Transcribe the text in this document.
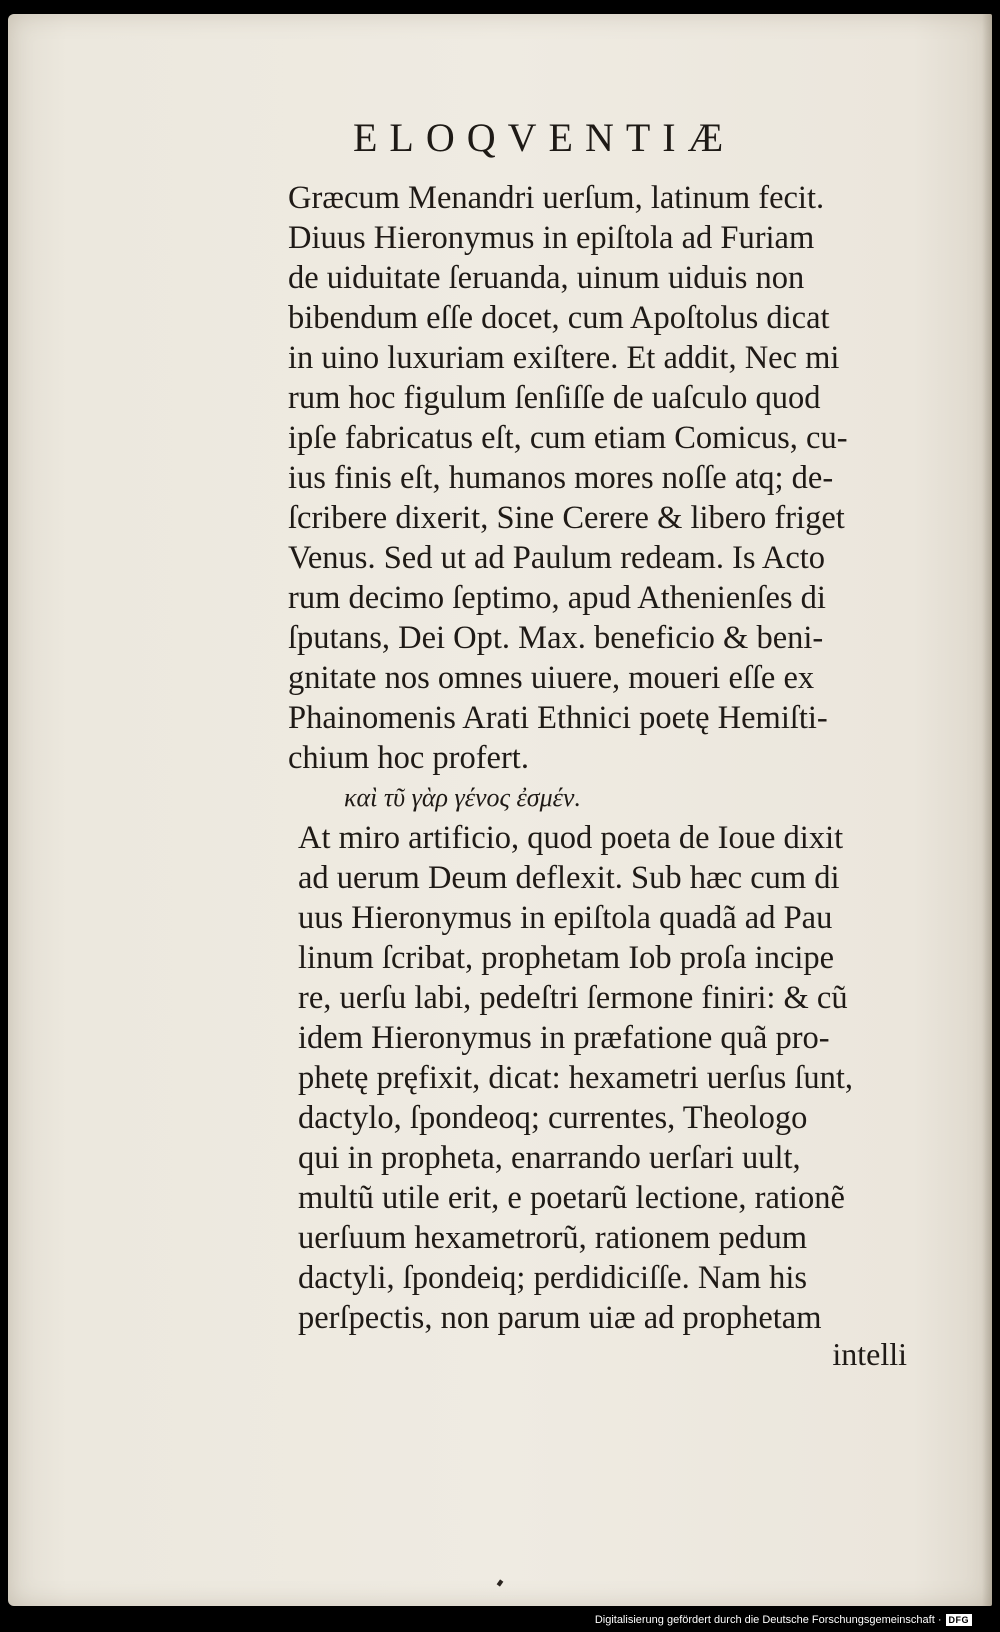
ELOQVENTIÆ
Græcum Menandri uerſum, latinum fecit.
Diuus Hieronymus in epiſtola ad Furiam
de uiduitate ſeruanda, uinum uiduis non
bibendum eſſe docet, cum Apoſtolus dicat
in uino luxuriam exiſtere. Et addit, Nec mi
rum hoc figulum ſenſiſſe de uaſculo quod
ipſe fabricatus eſt, cum etiam Comicus, cu-
ius finis eſt, humanos mores noſſe atq; de-
ſcribere dixerit, Sine Cerere & libero friget
Venus. Sed ut ad Paulum redeam. Is Acto
rum decimo ſeptimo, apud Athenienſes di
ſputans, Dei Opt. Max. beneficio & beni-
gnitate nos omnes uiuere, moueri eſſe ex
Phainomenis Arati Ethnici poetę Hemiſti-
chium hoc profert.
καὶ τῦ γὰρ γένος ἐσμέν.
At miro artificio, quod poeta de Ioue dixit
ad uerum Deum deflexit. Sub hæc cum di
uus Hieronymus in epiſtola quadã ad Pau
linum ſcribat, prophetam Iob proſa incipe
re, uerſu labi, pedeſtri ſermone finiri: & cũ
idem Hieronymus in præfatione quã pro-
phetę pręfixit, dicat: hexametri uerſus ſunt,
dactylo, ſpondeoq; currentes, Theologo
qui in propheta, enarrando uerſari uult,
multũ utile erit, e poetarũ lectione, rationẽ
uerſuum hexametrorũ, rationem pedum
dactyli, ſpondeiq; perdidiciſſe. Nam his
perſpectis, non parum uiæ ad prophetam
intelli
Digitalisierung gefördert durch die Deutsche Forschungsgemeinschaft · DFG
